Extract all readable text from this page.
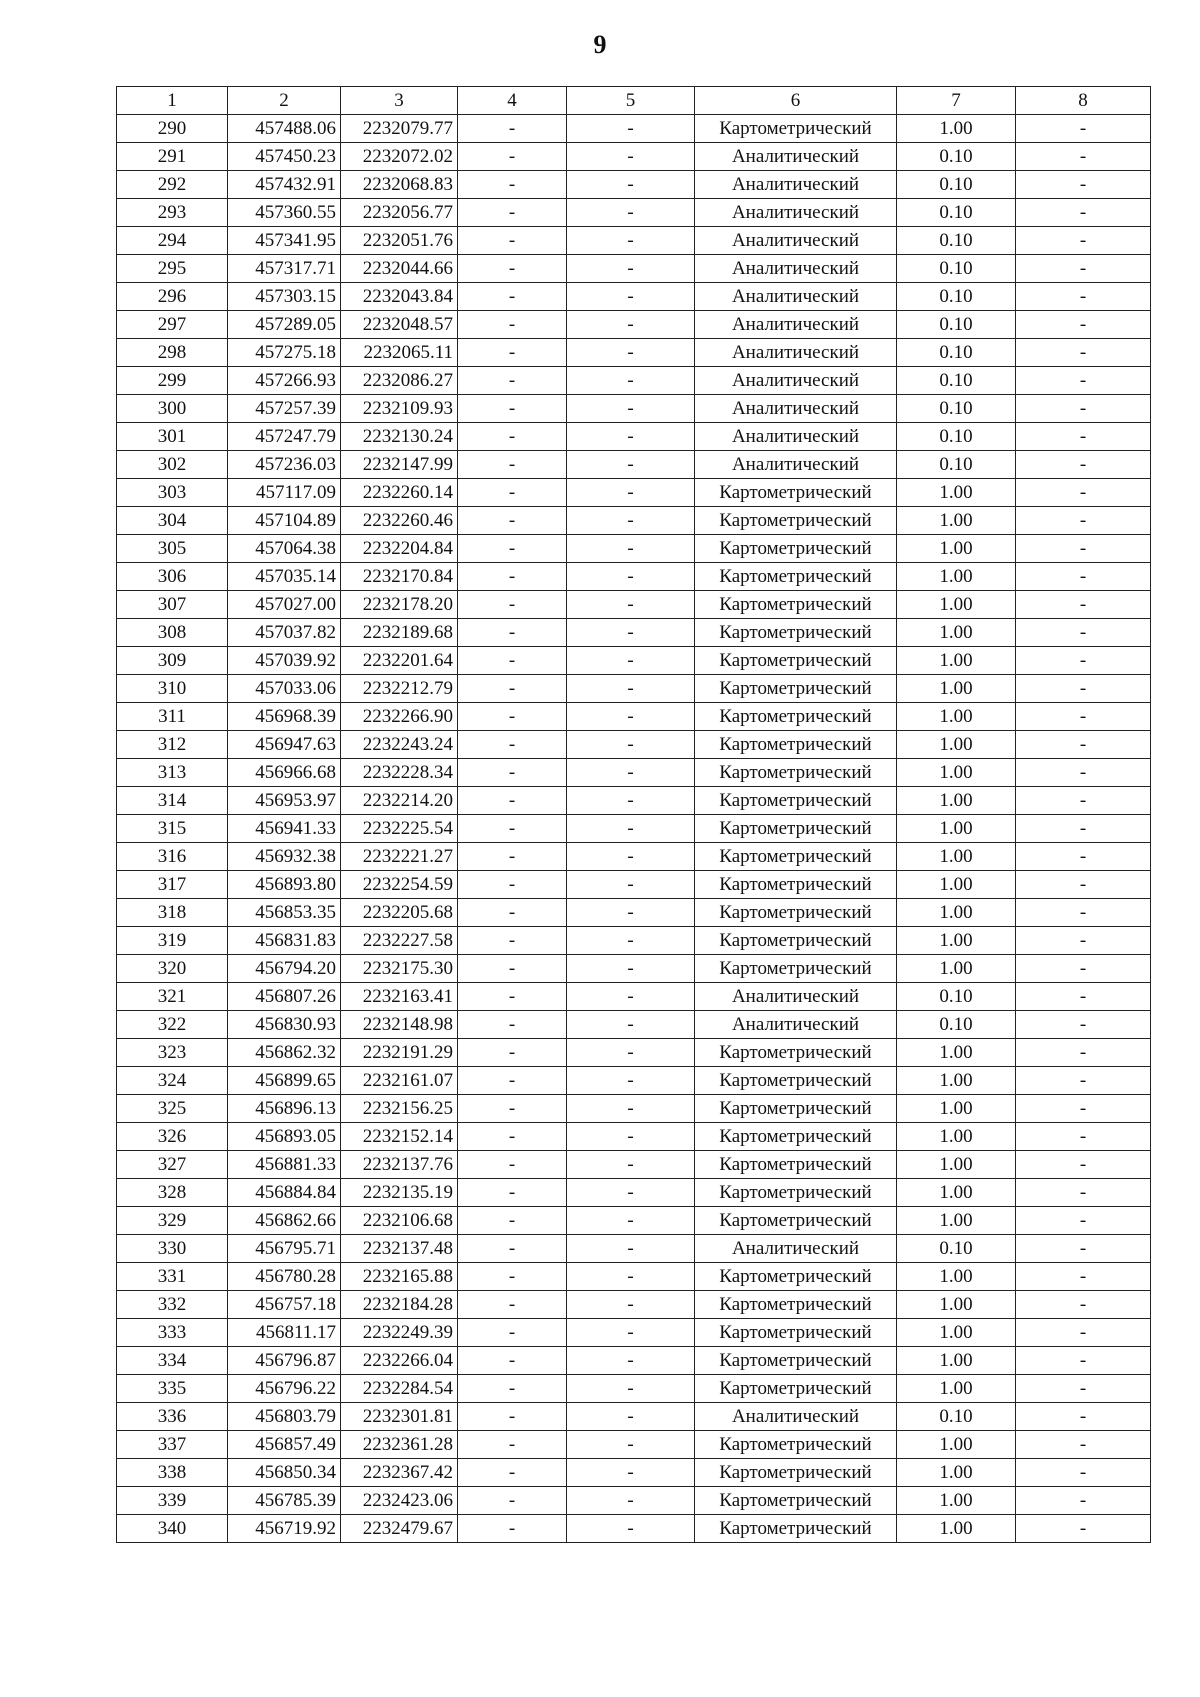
9
1	2	3	4	5	6	7	8
290	457488.06	2232079.77	-	-	Картометрический	1.00	-
291	457450.23	2232072.02	-	-	Аналитический	0.10	-
292	457432.91	2232068.83	-	-	Аналитический	0.10	-
293	457360.55	2232056.77	-	-	Аналитический	0.10	-
294	457341.95	2232051.76	-	-	Аналитический	0.10	-
295	457317.71	2232044.66	-	-	Аналитический	0.10	-
296	457303.15	2232043.84	-	-	Аналитический	0.10	-
297	457289.05	2232048.57	-	-	Аналитический	0.10	-
298	457275.18	2232065.11	-	-	Аналитический	0.10	-
299	457266.93	2232086.27	-	-	Аналитический	0.10	-
300	457257.39	2232109.93	-	-	Аналитический	0.10	-
301	457247.79	2232130.24	-	-	Аналитический	0.10	-
302	457236.03	2232147.99	-	-	Аналитический	0.10	-
303	457117.09	2232260.14	-	-	Картометрический	1.00	-
304	457104.89	2232260.46	-	-	Картометрический	1.00	-
305	457064.38	2232204.84	-	-	Картометрический	1.00	-
306	457035.14	2232170.84	-	-	Картометрический	1.00	-
307	457027.00	2232178.20	-	-	Картометрический	1.00	-
308	457037.82	2232189.68	-	-	Картометрический	1.00	-
309	457039.92	2232201.64	-	-	Картометрический	1.00	-
310	457033.06	2232212.79	-	-	Картометрический	1.00	-
311	456968.39	2232266.90	-	-	Картометрический	1.00	-
312	456947.63	2232243.24	-	-	Картометрический	1.00	-
313	456966.68	2232228.34	-	-	Картометрический	1.00	-
314	456953.97	2232214.20	-	-	Картометрический	1.00	-
315	456941.33	2232225.54	-	-	Картометрический	1.00	-
316	456932.38	2232221.27	-	-	Картометрический	1.00	-
317	456893.80	2232254.59	-	-	Картометрический	1.00	-
318	456853.35	2232205.68	-	-	Картометрический	1.00	-
319	456831.83	2232227.58	-	-	Картометрический	1.00	-
320	456794.20	2232175.30	-	-	Картометрический	1.00	-
321	456807.26	2232163.41	-	-	Аналитический	0.10	-
322	456830.93	2232148.98	-	-	Аналитический	0.10	-
323	456862.32	2232191.29	-	-	Картометрический	1.00	-
324	456899.65	2232161.07	-	-	Картометрический	1.00	-
325	456896.13	2232156.25	-	-	Картометрический	1.00	-
326	456893.05	2232152.14	-	-	Картометрический	1.00	-
327	456881.33	2232137.76	-	-	Картометрический	1.00	-
328	456884.84	2232135.19	-	-	Картометрический	1.00	-
329	456862.66	2232106.68	-	-	Картометрический	1.00	-
330	456795.71	2232137.48	-	-	Аналитический	0.10	-
331	456780.28	2232165.88	-	-	Картометрический	1.00	-
332	456757.18	2232184.28	-	-	Картометрический	1.00	-
333	456811.17	2232249.39	-	-	Картометрический	1.00	-
334	456796.87	2232266.04	-	-	Картометрический	1.00	-
335	456796.22	2232284.54	-	-	Картометрический	1.00	-
336	456803.79	2232301.81	-	-	Аналитический	0.10	-
337	456857.49	2232361.28	-	-	Картометрический	1.00	-
338	456850.34	2232367.42	-	-	Картометрический	1.00	-
339	456785.39	2232423.06	-	-	Картометрический	1.00	-
340	456719.92	2232479.67	-	-	Картометрический	1.00	-
